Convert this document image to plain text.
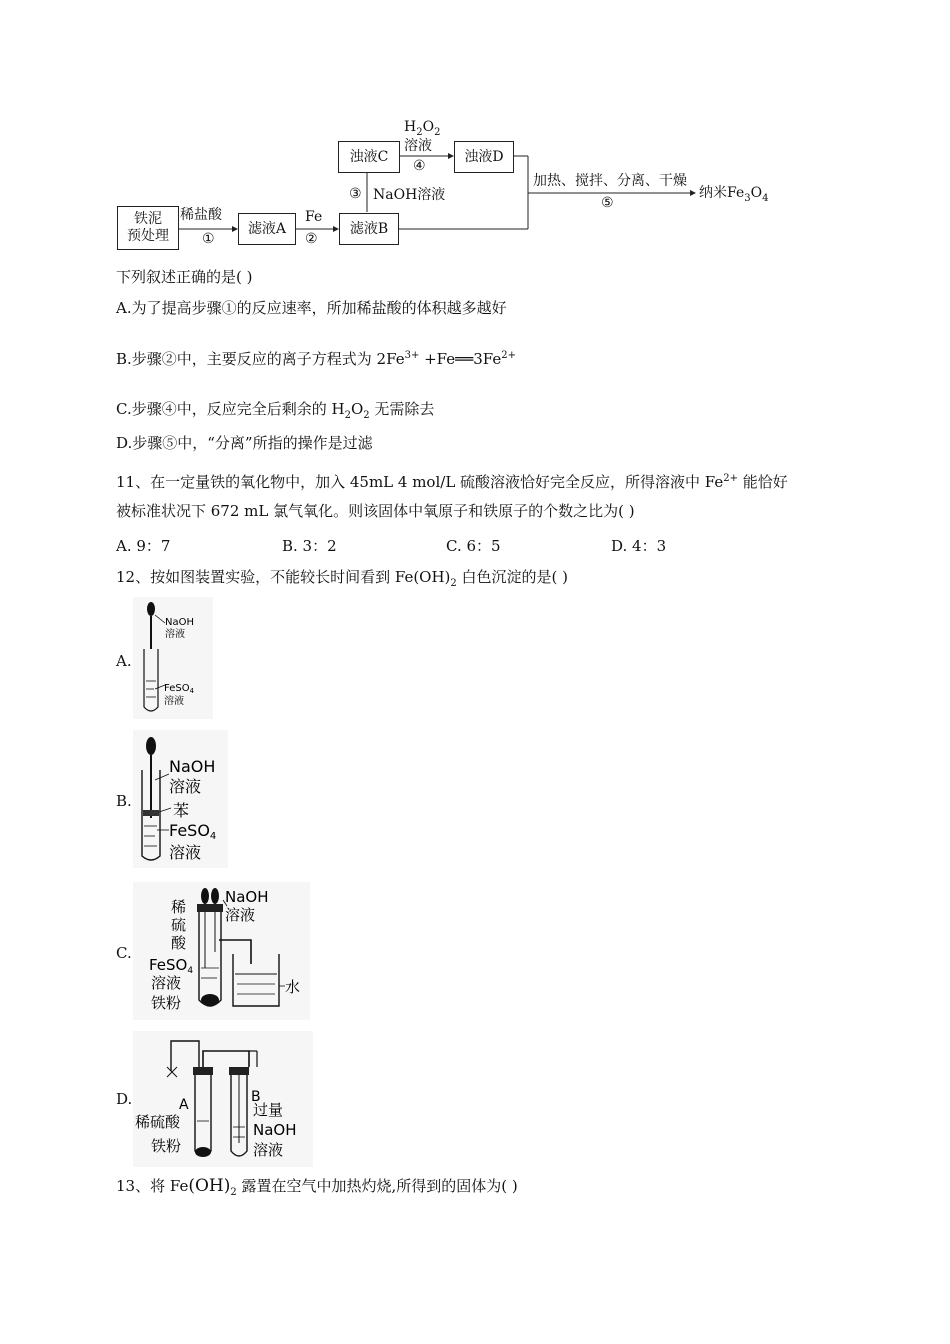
铁泥
预处理
稀盐酸
①
滤液A
Fe
②
滤液B
③ NaOH溶液
浊液C
$H_2O_2$
溶液
④
浊液D
加热、搅拌、分离、干燥
⑤
纳米$Fe_3O_4$
下列叙述正确的是( )
A.为了提高步骤①的反应速率，所加稀盐酸的体积越多越好
B.步骤②中，主要反应的离子方程式为 $2Fe^{3+}$ $+Fe══3Fe^{2+}$
C.步骤④中，反应完全后剩余的 $H_2O_2$ 无需除去
D.步骤⑤中，“分离”所指的操作是过滤
11、在一定量铁的氧化物中，加入 45mL 4 mol/L 硫酸溶液恰好完全反应，所得溶液中 $Fe^{2+}$ 能恰好
被标准状况下 672 mL 氯气氧化。则该固体中氧原子和铁原子的个数之比为( )
A. 9：7	B. 3：2	C. 6：5	D. 4：3
12、按如图装置实验，不能较长时间看到 $Fe(OH)_2$ 白色沉淀的是( )
A.
NaOH
溶液
FeSO$_4$
溶液
B.
NaOH
溶液
苯
FeSO4
溶液
C.
稀
硫
酸
NaOH
溶液
FeSO$_4$
溶液
铁粉
水
D.	A	B
稀硫酸
铁粉
过量
NaOH
溶液
13、将 $Fe(OH)_2$ 露置在空气中加热灼烧,所得到的固体为( )
